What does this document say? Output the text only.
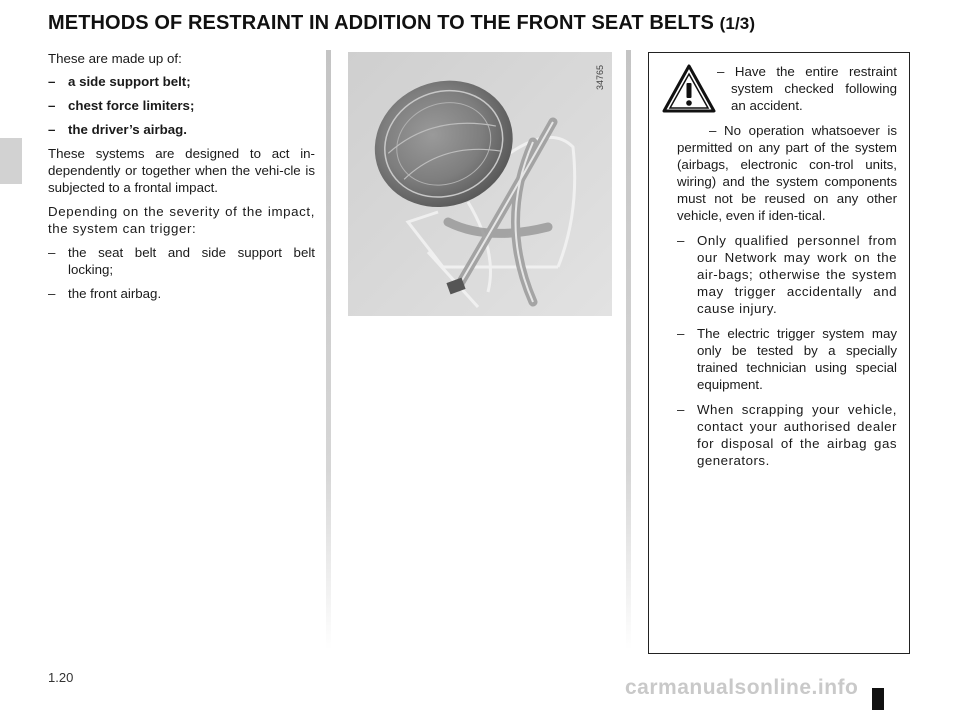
METHODS OF RESTRAINT IN ADDITION TO THE FRONT SEAT BELTS (1/3)

These are made up of:

– a side support belt;

– chest force limiters;

– the driver’s airbag.

These systems are designed to act in-dependently or together when the vehi-cle is subjected to a frontal impact.

Depending on the severity of the impact, the system can trigger:

– the seat belt and side support belt locking;

– the front airbag.

34765	– Have the entire restraint system checked following an accident.

– No operation whatsoever is permitted on any part of the system (airbags, electronic con-trol units, wiring) and the system components must not be reused on any other vehicle, even if iden-tical.

– Only qualified personnel from our Network may work on the air-bags; otherwise the system may trigger accidentally and cause injury.

– The electric trigger system may only be tested by a specially trained technician using special equipment.

– When scrapping your vehicle, contact your authorised dealer for disposal of the airbag gas generators.

1.20	carmanualsonline.info
